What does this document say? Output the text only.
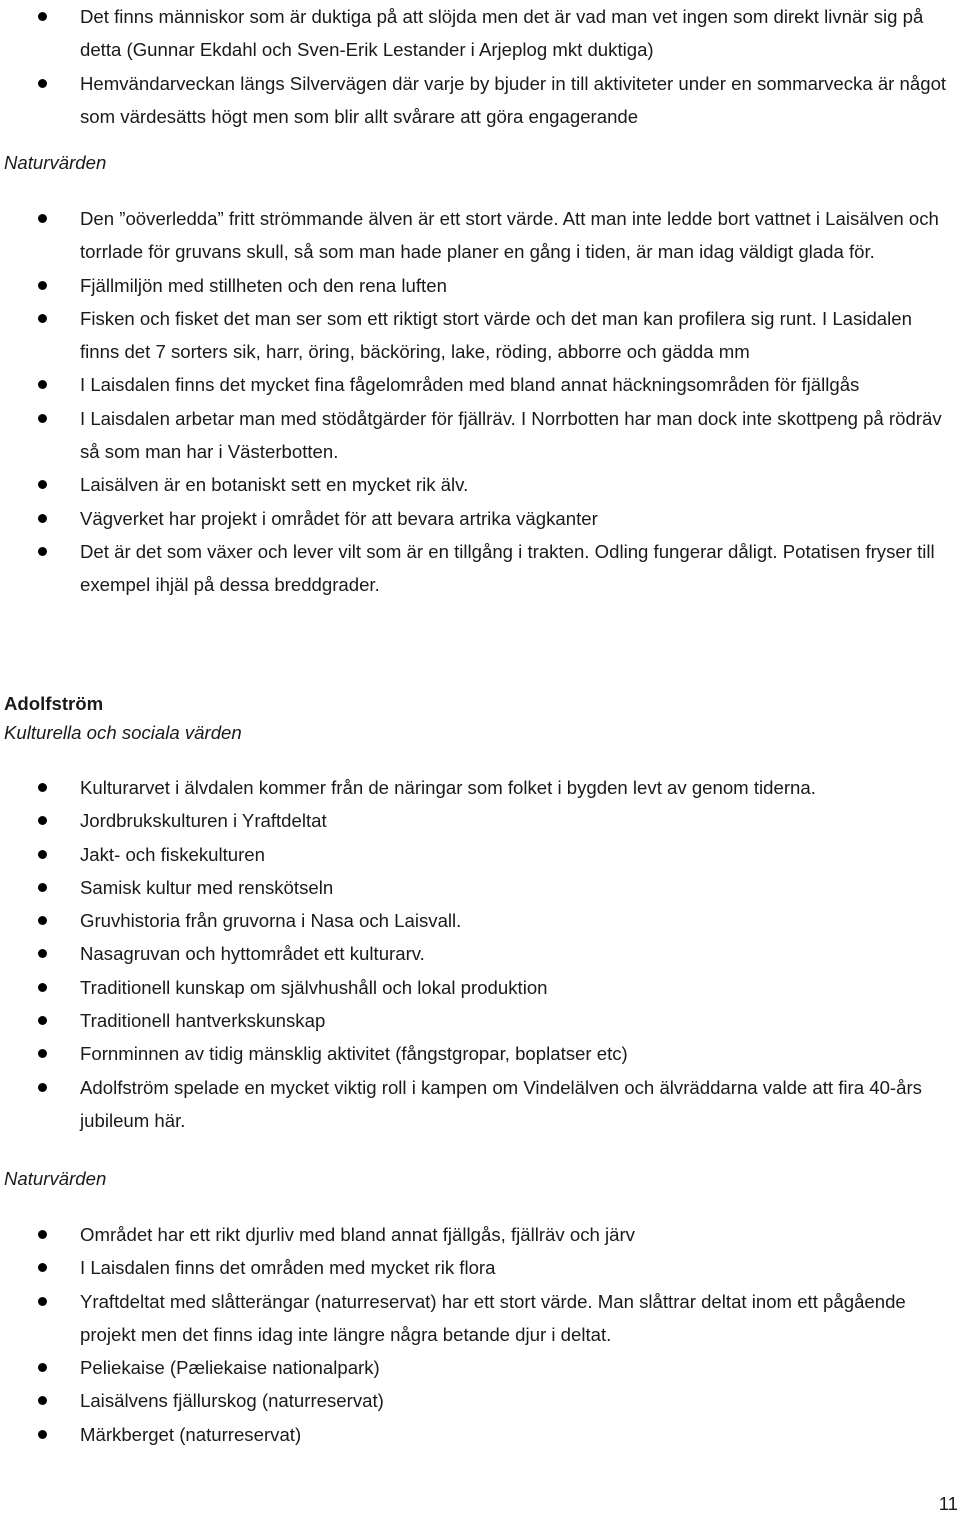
Det finns människor som är duktiga på att slöjda men det är vad man vet ingen som direkt livnär sig på detta (Gunnar Ekdahl och Sven-Erik Lestander i Arjeplog mkt duktiga)
Hemvändarveckan längs Silvervägen där varje by bjuder in till aktiviteter under en sommarvecka är något som värdesätts högt men som blir allt svårare att göra engagerande
Naturvärden
Den ”oöverledda” fritt strömmande älven är ett stort värde. Att man inte ledde bort vattnet i Laisälven och torrlade för gruvans skull, så som man hade planer en gång i tiden, är man idag väldigt glada för.
Fjällmiljön med stillheten och den rena luften
Fisken och fisket det man ser som ett riktigt stort värde och det man kan profilera sig runt. I Lasidalen finns det 7 sorters sik, harr, öring, bäcköring, lake, röding, abborre och gädda mm
I Laisdalen finns det mycket fina fågelområden med bland annat häckningsområden för fjällgås
I Laisdalen arbetar man med stödåtgärder för fjällräv. I Norrbotten har man dock inte skottpeng på rödräv så som man har i Västerbotten.
Laisälven är en botaniskt sett en mycket rik älv.
Vägverket har projekt i området för att bevara artrika vägkanter
Det är det som växer och lever vilt som är en tillgång i trakten. Odling fungerar dåligt. Potatisen fryser till exempel ihjäl på dessa breddgrader.
Adolfström
Kulturella och sociala värden
Kulturarvet i älvdalen kommer från de näringar som folket i bygden levt av genom tiderna.
Jordbrukskulturen i Yraftdeltat
Jakt- och fiskekulturen
Samisk kultur med renskötseln
Gruvhistoria från gruvorna i Nasa och Laisvall.
Nasagruvan och hyttområdet ett kulturarv.
Traditionell kunskap om självhushåll och lokal produktion
Traditionell hantverkskunskap
Fornminnen av tidig mänsklig aktivitet (fångstgropar, boplatser etc)
Adolfström spelade en mycket viktig roll i kampen om Vindelälven och älvräddarna valde att fira 40-års jubileum här.
Naturvärden
Området har ett rikt djurliv med bland annat fjällgås, fjällräv och järv
I Laisdalen finns det områden med mycket rik flora
Yraftdeltat med slåtterängar (naturreservat) har ett stort värde. Man slåttrar deltat inom ett pågående projekt men det finns idag inte längre några betande djur i deltat.
Peliekaise (Pæliekaise nationalpark)
Laisälvens fjällurskog (naturreservat)
Märkberget (naturreservat)
11
